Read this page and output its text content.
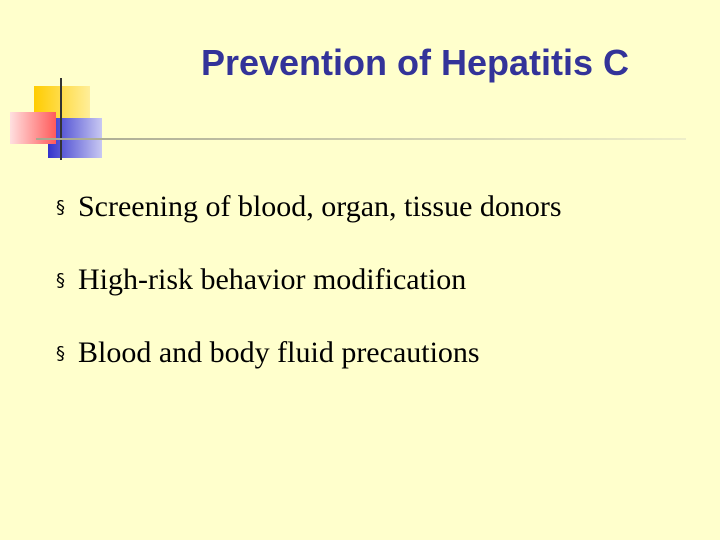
Prevention of Hepatitis C
§ Screening of blood, organ, tissue donors
§ High-risk behavior modification
§ Blood and body fluid precautions
